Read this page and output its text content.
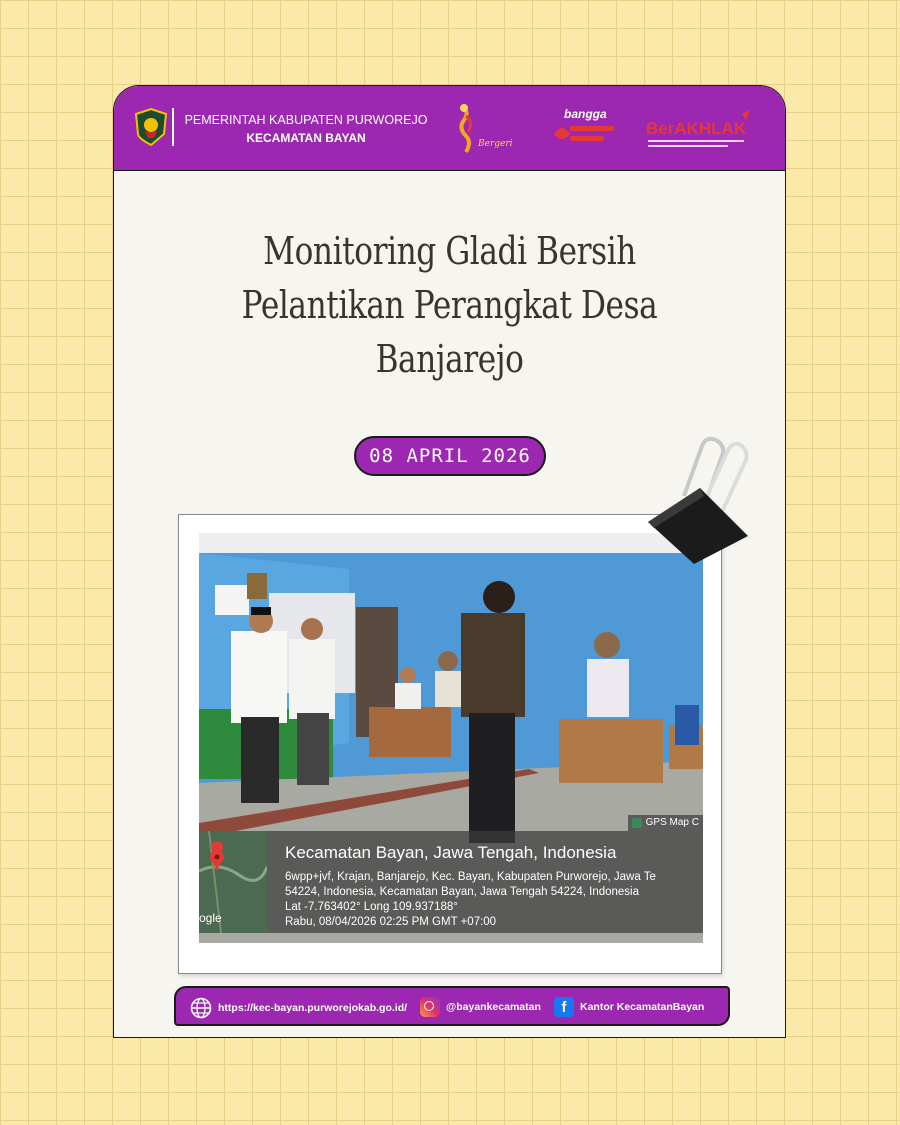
PEMERINTAH KABUPATEN PURWOREJO
KECAMATAN BAYAN	Bergeri
bangga
BerAKHLAK
Monitoring Gladi Bersih
Pelantikan Perangkat Desa
Banjarejo
08 APRIL 2026
GPS Map C
ogle
Kecamatan Bayan, Jawa Tengah, Indonesia
6wpp+jvf, Krajan, Banjarejo, Kec. Bayan, Kabupaten Purworejo, Jawa Te
54224, Indonesia, Kecamatan Bayan, Jawa Tengah 54224, Indonesia
Lat -7.763402° Long 109.937188°
Rabu, 08/04/2026 02:25 PM GMT +07:00
https://kec-bayan.purworejokab.go.id/	@bayankecamatan	f	Kantor KecamatanBayan
